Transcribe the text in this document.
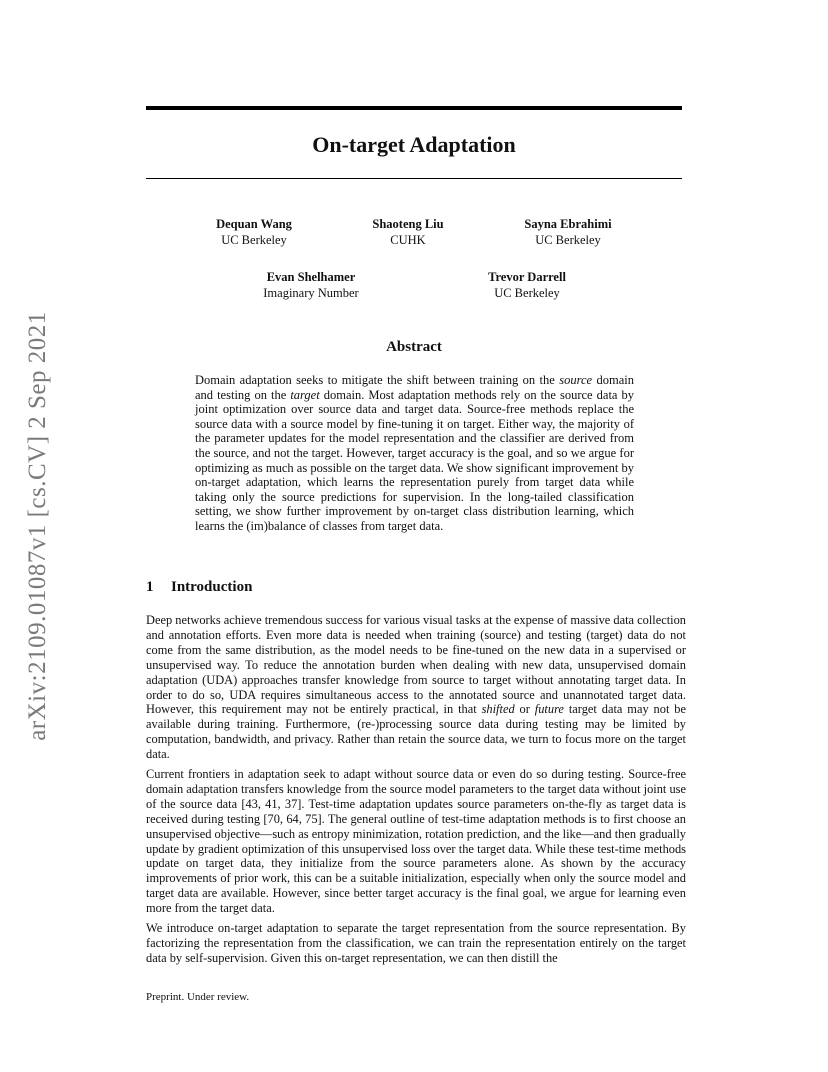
arXiv:2109.01087v1 [cs.CV] 2 Sep 2021
On-target Adaptation
Dequan Wang
UC Berkeley
Shaoteng Liu
CUHK
Sayna Ebrahimi
UC Berkeley
Evan Shelhamer
Imaginary Number
Trevor Darrell
UC Berkeley
Abstract

Domain adaptation seeks to mitigate the shift between training on the source domain and testing on the target domain. Most adaptation methods rely on the source data by joint optimization over source data and target data. Source-free methods replace the source data with a source model by fine-tuning it on target. Either way, the majority of the parameter updates for the model representation and the classifier are derived from the source, and not the target. However, target accuracy is the goal, and so we argue for optimizing as much as possible on the target data. We show significant improvement by on-target adaptation, which learns the representation purely from target data while taking only the source predictions for supervision. In the long-tailed classification setting, we show further improvement by on-target class distribution learning, which learns the (im)balance of classes from target data.

1 Introduction

Deep networks achieve tremendous success for various visual tasks at the expense of massive data collection and annotation efforts. Even more data is needed when training (source) and testing (target) data do not come from the same distribution, as the model needs to be fine-tuned on the new data in a supervised or unsupervised way. To reduce the annotation burden when dealing with new data, unsupervised domain adaptation (UDA) approaches transfer knowledge from source to target without annotating target data. In order to do so, UDA requires simultaneous access to the annotated source and unannotated target data. However, this requirement may not be entirely practical, in that shifted or future target data may not be available during training. Furthermore, (re-)processing source data during testing may be limited by computation, bandwidth, and privacy. Rather than retain the source data, we turn to focus more on the target data.

Current frontiers in adaptation seek to adapt without source data or even do so during testing. Source-free domain adaptation transfers knowledge from the source model parameters to the target data without joint use of the source data [43, 41, 37]. Test-time adaptation updates source parameters on-the-fly as target data is received during testing [70, 64, 75]. The general outline of test-time adaptation methods is to first choose an unsupervised objective—such as entropy minimization, rotation prediction, and the like—and then gradually update by gradient optimization of this unsupervised loss over the target data. While these test-time methods update on target data, they initialize from the source parameters alone. As shown by the accuracy improvements of prior work, this can be a suitable initialization, especially when only the source model and target data are available. However, since better target accuracy is the final goal, we argue for learning even more from the target data.

We introduce on-target adaptation to separate the target representation from the source representation. By factorizing the representation from the classification, we can train the representation entirely on the target data by self-supervision. Given this on-target representation, we can then distill the

Preprint. Under review.
